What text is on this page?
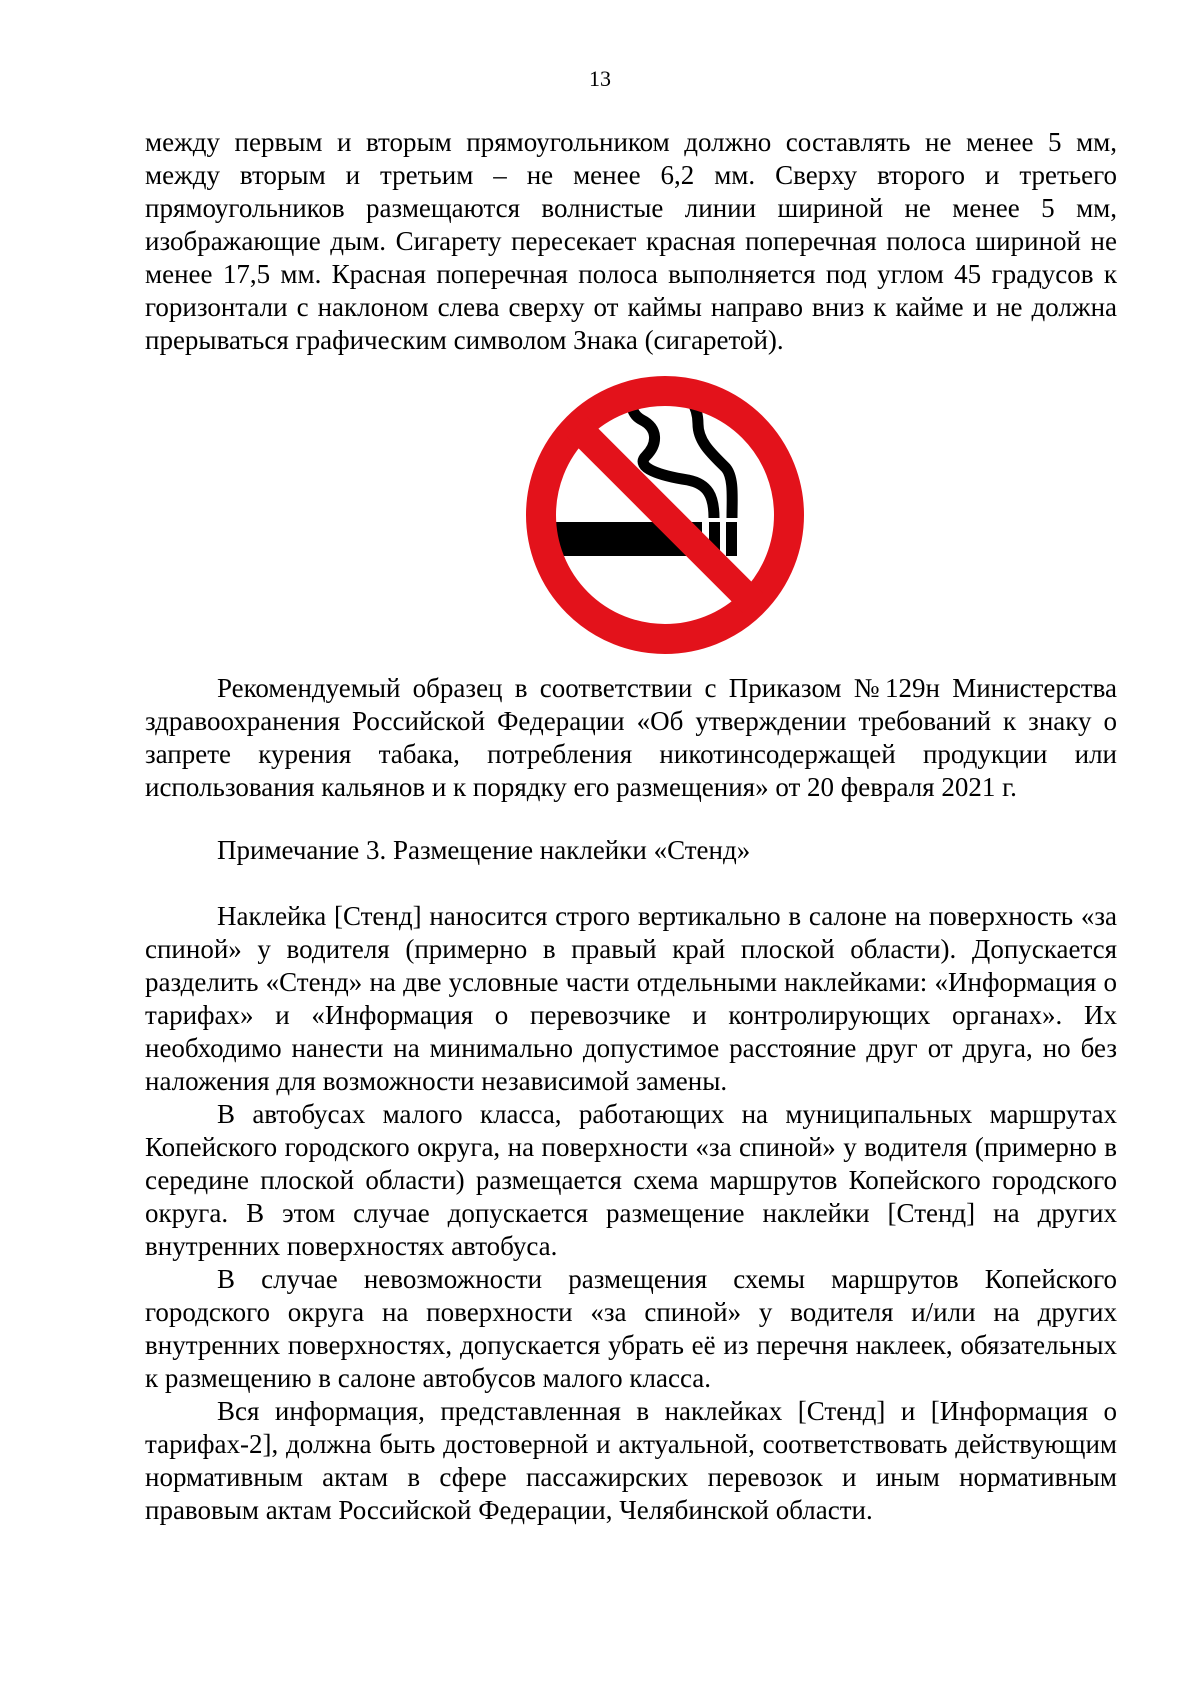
13

между первым и вторым прямоугольником должно составлять не менее 5 мм, между вторым и третьим – не менее 6,2 мм. Сверху второго и третьего прямоугольников размещаются волнистые линии шириной не менее 5 мм, изображающие дым. Сигарету пересекает красная поперечная полоса шириной не менее 17,5 мм. Красная поперечная полоса выполняется под углом 45 градусов к горизонтали с наклоном слева сверху от каймы направо вниз к кайме и не должна прерываться графическим символом Знака (сигаретой).

Рекомендуемый образец в соответствии с Приказом №129н Министерства здравоохранения Российской Федерации «Об утверждении требований к знаку о запрете курения табака, потребления никотинсодержащей продукции или использования кальянов и к порядку его размещения» от 20 февраля 2021 г.

Примечание 3. Размещение наклейки «Стенд»

Наклейка [Стенд] наносится строго вертикально в салоне на поверхность «за спиной» у водителя (примерно в правый край плоской области). Допускается разделить «Стенд» на две условные части отдельными наклейками: «Информация о тарифах» и «Информация о перевозчике и контролирующих органах». Их необходимо нанести на минимально допустимое расстояние друг от друга, но без наложения для возможности независимой замены.

В автобусах малого класса, работающих на муниципальных маршрутах Копейского городского округа, на поверхности «за спиной» у водителя (примерно в середине плоской области) размещается схема маршрутов Копейского городского округа. В этом случае допускается размещение наклейки [Стенд] на других внутренних поверхностях автобуса.

В случае невозможности размещения схемы маршрутов Копейского городского округа на поверхности «за спиной» у водителя и/или на других внутренних поверхностях, допускается убрать её из перечня наклеек, обязательных к размещению в салоне автобусов малого класса.

Вся информация, представленная в наклейках [Стенд] и [Информация о тарифах-2], должна быть достоверной и актуальной, соответствовать действующим нормативным актам в сфере пассажирских перевозок и иным нормативным правовым актам Российской Федерации, Челябинской области.
